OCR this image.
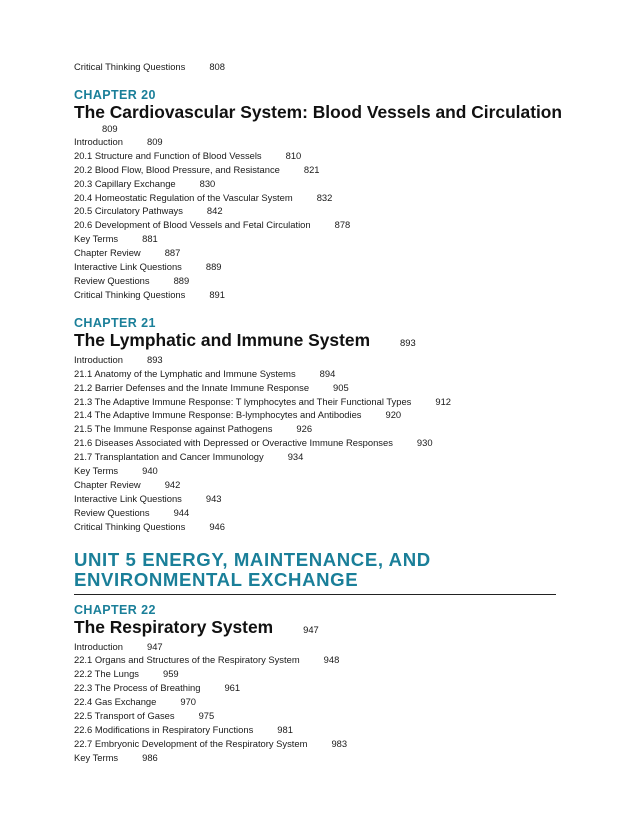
Critical Thinking Questions	808
CHAPTER 20
The Cardiovascular System: Blood Vessels and Circulation
809
Introduction	809
20.1 Structure and Function of Blood Vessels	810
20.2 Blood Flow, Blood Pressure, and Resistance	821
20.3 Capillary Exchange	830
20.4 Homeostatic Regulation of the Vascular System	832
20.5 Circulatory Pathways	842
20.6 Development of Blood Vessels and Fetal Circulation	878
Key Terms	881
Chapter Review	887
Interactive Link Questions	889
Review Questions	889
Critical Thinking Questions	891
CHAPTER 21
The Lymphatic and Immune System	893
Introduction	893
21.1 Anatomy of the Lymphatic and Immune Systems	894
21.2 Barrier Defenses and the Innate Immune Response	905
21.3 The Adaptive Immune Response: T lymphocytes and Their Functional Types	912
21.4 The Adaptive Immune Response: B-lymphocytes and Antibodies	920
21.5 The Immune Response against Pathogens	926
21.6 Diseases Associated with Depressed or Overactive Immune Responses	930
21.7 Transplantation and Cancer Immunology	934
Key Terms	940
Chapter Review	942
Interactive Link Questions	943
Review Questions	944
Critical Thinking Questions	946
UNIT 5 ENERGY, MAINTENANCE, AND
ENVIRONMENTAL EXCHANGE
CHAPTER 22
The Respiratory System	947
Introduction	947
22.1 Organs and Structures of the Respiratory System	948
22.2 The Lungs	959
22.3 The Process of Breathing	961
22.4 Gas Exchange	970
22.5 Transport of Gases	975
22.6 Modifications in Respiratory Functions	981
22.7 Embryonic Development of the Respiratory System	983
Key Terms	986
